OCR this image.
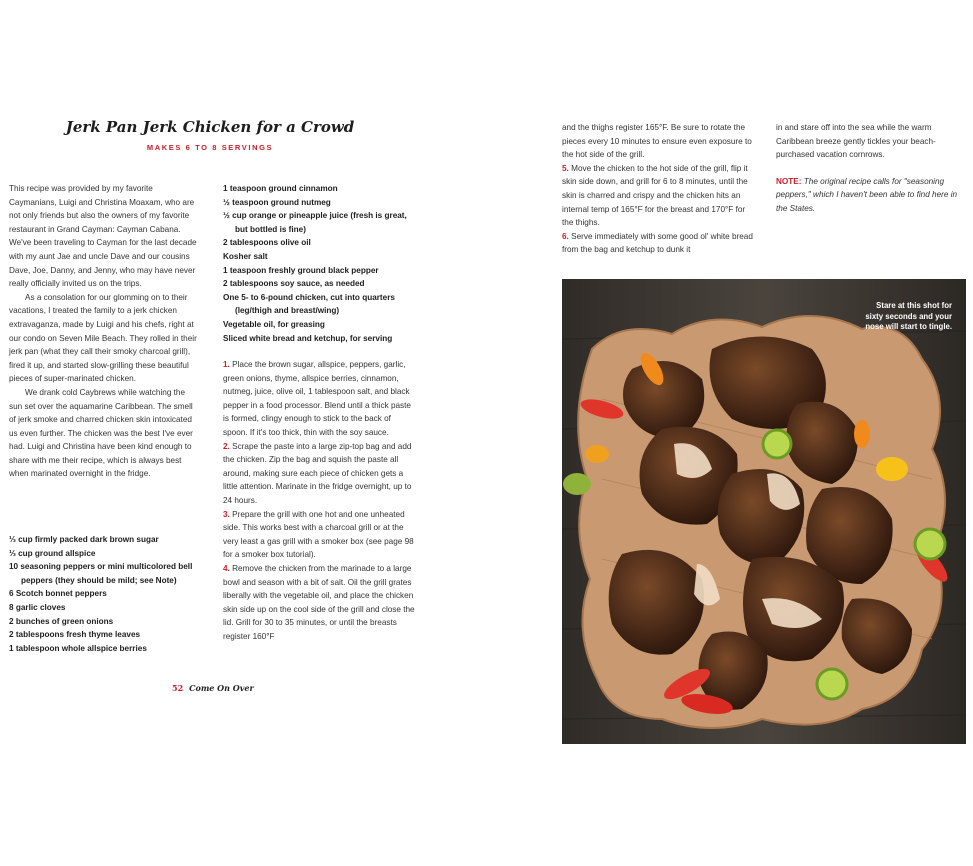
Jerk Pan Jerk Chicken for a Crowd
MAKES 6 TO 8 SERVINGS

This recipe was provided by my favorite Caymanians, Luigi and Christina Moaxam, who are not only friends but also the owners of my favorite restaurant in Grand Cayman: Cayman Cabana. We've been traveling to Cayman for the last decade with my aunt Jae and uncle Dave and our cousins Dave, Joe, Danny, and Jenny, who may have never really officially invited us on the trips.

As a consolation for our glomming on to their vacations, I treated the family to a jerk chicken extravaganza, made by Luigi and his chefs, right at our condo on Seven Mile Beach. They rolled in their jerk pan (what they call their smoky charcoal grill), fired it up, and started slow-grilling these beautiful pieces of super-marinated chicken.

We drank cold Caybrews while watching the sun set over the aquamarine Caribbean. The smell of jerk smoke and charred chicken skin intoxicated us even further. The chicken was the best I've ever had. Luigi and Christina have been kind enough to share with me their recipe, which is always best when marinated overnight in the fridge.

⅓ cup firmly packed dark brown sugar

⅓ cup ground allspice

10 seasoning peppers or mini multicolored bell

peppers (they should be mild; see Note)

6 Scotch bonnet peppers

8 garlic cloves

2 bunches of green onions

2 tablespoons fresh thyme leaves

1 tablespoon whole allspice berries

1 teaspoon ground cinnamon

½ teaspoon ground nutmeg

½ cup orange or pineapple juice (fresh is great,

but bottled is fine)

2 tablespoons olive oil

Kosher salt

1 teaspoon freshly ground black pepper

2 tablespoons soy sauce, as needed

One 5- to 6-pound chicken, cut into quarters

(leg/thigh and breast/wing)

Vegetable oil, for greasing

Sliced white bread and ketchup, for serving

1. Place the brown sugar, allspice, peppers, garlic, green onions, thyme, allspice berries, cinnamon, nutmeg, juice, olive oil, 1 tablespoon salt, and black pepper in a food processor. Blend until a thick paste is formed, clingy enough to stick to the back of spoon. If it's too thick, thin with the soy sauce.

2. Scrape the paste into a large zip-top bag and add the chicken. Zip the bag and squish the paste all around, making sure each piece of chicken gets a little attention. Marinate in the fridge overnight, up to 24 hours.

3. Prepare the grill with one hot and one unheated side. This works best with a charcoal grill or at the very least a gas grill with a smoker box (see page 98 for a smoker box tutorial).

4. Remove the chicken from the marinade to a large bowl and season with a bit of salt. Oil the grill grates liberally with the vegetable oil, and place the chicken skin side up on the cool side of the grill and close the lid. Grill for 30 to 35 minutes, or until the breasts register 160°F

52 Come On Over

and the thighs register 165°F. Be sure to rotate the pieces every 10 minutes to ensure even exposure to the hot side of the grill.

5. Move the chicken to the hot side of the grill, flip it skin side down, and grill for 6 to 8 minutes, until the skin is charred and crispy and the chicken hits an internal temp of 165°F for the breast and 170°F for the thighs.

6. Serve immediately with some good ol' white bread from the bag and ketchup to dunk it

in and stare off into the sea while the warm Caribbean breeze gently tickles your beach-purchased vacation cornrows.

NOTE: The original recipe calls for "seasoning peppers," which I haven't been able to find here in the States.

Stare at this shot for sixty seconds and your nose will start to tingle.
